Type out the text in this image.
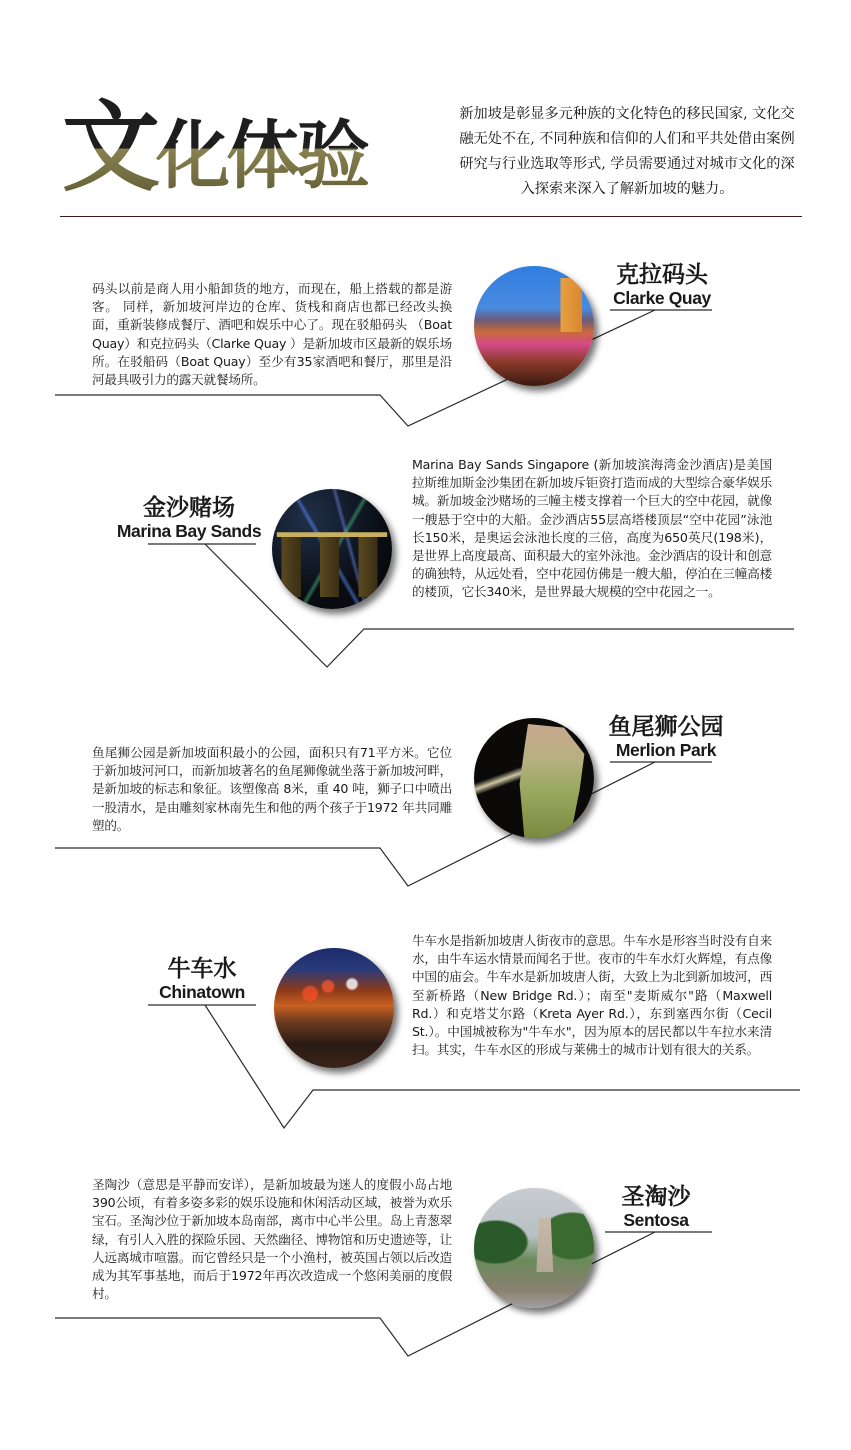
文化体验	新加坡是彰显多元种族的文化特色的移民国家, 文化交融无处不在, 不同种族和信仰的人们和平共处借由案例研究与行业选取等形式, 学员需要通过对城市文化的深入探索来深入了解新加坡的魅力。
码头以前是商人用小船卸货的地方，而现在，船上搭载的都是游客。 同样，新加坡河岸边的仓库、货栈和商店也都已经改头换面，重新装修成餐厅、酒吧和娱乐中心了。现在驳船码头 （Boat Quay）和克拉码头（Clarke Quay ）是新加坡市区最新的娱乐场所。在驳船码（Boat Quay）至少有35家酒吧和餐厅，那里是沿河最具吸引力的露天就餐场所。
克拉码头
Clarke Quay
金沙赌场
Marina Bay Sands
Marina Bay Sands Singapore (新加坡滨海湾金沙酒店)是美国拉斯维加斯金沙集团在新加坡斥钜资打造而成的大型综合豪华娱乐城。新加坡金沙赌场的三幢主楼支撑着一个巨大的空中花园，就像一艘悬于空中的大船。金沙酒店55层高塔楼顶层“空中花园”泳池长150米，是奥运会泳池长度的三倍，高度为650英尺(198米)，是世界上高度最高、面积最大的室外泳池。金沙酒店的设计和创意的确独特，从远处看，空中花园仿佛是一艘大船，停泊在三幢高楼的楼顶，它长340米，是世界最大规模的空中花园之一。
鱼尾狮公园是新加坡面积最小的公园，面积只有71平方米。它位于新加坡河河口，而新加坡著名的鱼尾狮像就坐落于新加坡河畔，是新加坡的标志和象征。该塑像高 8米，重 40 吨，狮子口中喷出一股清水，是由雕刻家林南先生和他的两个孩子于1972 年共同雕塑的。
鱼尾狮公园
Merlion Park
牛车水
Chinatown
牛车水是指新加坡唐人街夜市的意思。牛车水是形容当时没有自来水，由牛车运水情景而闻名于世。夜市的牛车水灯火辉煌，有点像中国的庙会。牛车水是新加坡唐人街，大致上为北到新加坡河，西至新桥路（New Bridge Rd.）；南至"麦斯威尔"路（Maxwell Rd.）和克塔艾尔路（Kreta Ayer Rd.），东到塞西尔街（Cecil St.）。中国城被称为"牛车水"，因为原本的居民都以牛车拉水来清扫。其实，牛车水区的形成与莱佛士的城市计划有很大的关系。
圣陶沙（意思是平静而安详），是新加坡最为迷人的度假小岛占地390公顷，有着多姿多彩的娱乐设施和休闲活动区域，被誉为欢乐宝石。圣淘沙位于新加坡本岛南部，离市中心半公里。岛上青葱翠绿，有引人入胜的探险乐园、天然幽径、博物馆和历史遗迹等，让人远离城市喧嚣。而它曾经只是一个小渔村，被英国占领以后改造成为其军事基地，而后于1972年再次改造成一个悠闲美丽的度假村。
圣淘沙
Sentosa
